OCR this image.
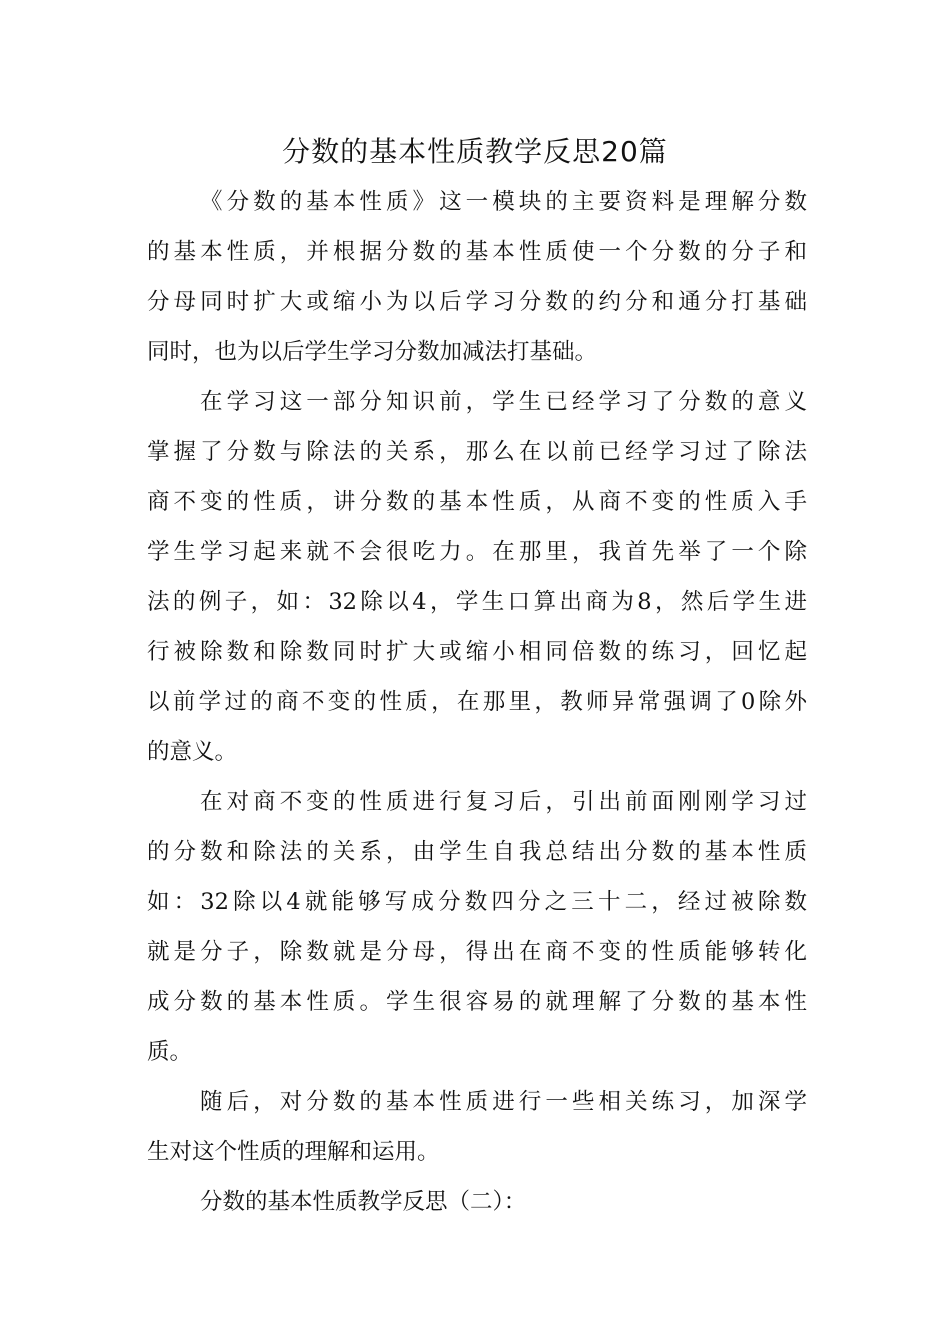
分数的基本性质教学反思20篇
《分数的基本性质》这一模块的主要资料是理解分数
的基本性质，并根据分数的基本性质使一个分数的分子和
分母同时扩大或缩小为以后学习分数的约分和通分打基础
同时，也为以后学生学习分数加减法打基础。
在学习这一部分知识前，学生已经学习了分数的意义
掌握了分数与除法的关系，那么在以前已经学习过了除法
商不变的性质，讲分数的基本性质，从商不变的性质入手
学生学习起来就不会很吃力。在那里，我首先举了一个除
法的例子，如：32除以4，学生口算出商为8，然后学生进
行被除数和除数同时扩大或缩小相同倍数的练习，回忆起
以前学过的商不变的性质，在那里，教师异常强调了0除外
的意义。
在对商不变的性质进行复习后，引出前面刚刚学习过
的分数和除法的关系，由学生自我总结出分数的基本性质
如：32除以4就能够写成分数四分之三十二，经过被除数
就是分子，除数就是分母，得出在商不变的性质能够转化
成分数的基本性质。学生很容易的就理解了分数的基本性
质。
随后，对分数的基本性质进行一些相关练习，加深学
生对这个性质的理解和运用。
分数的基本性质教学反思（二）：
